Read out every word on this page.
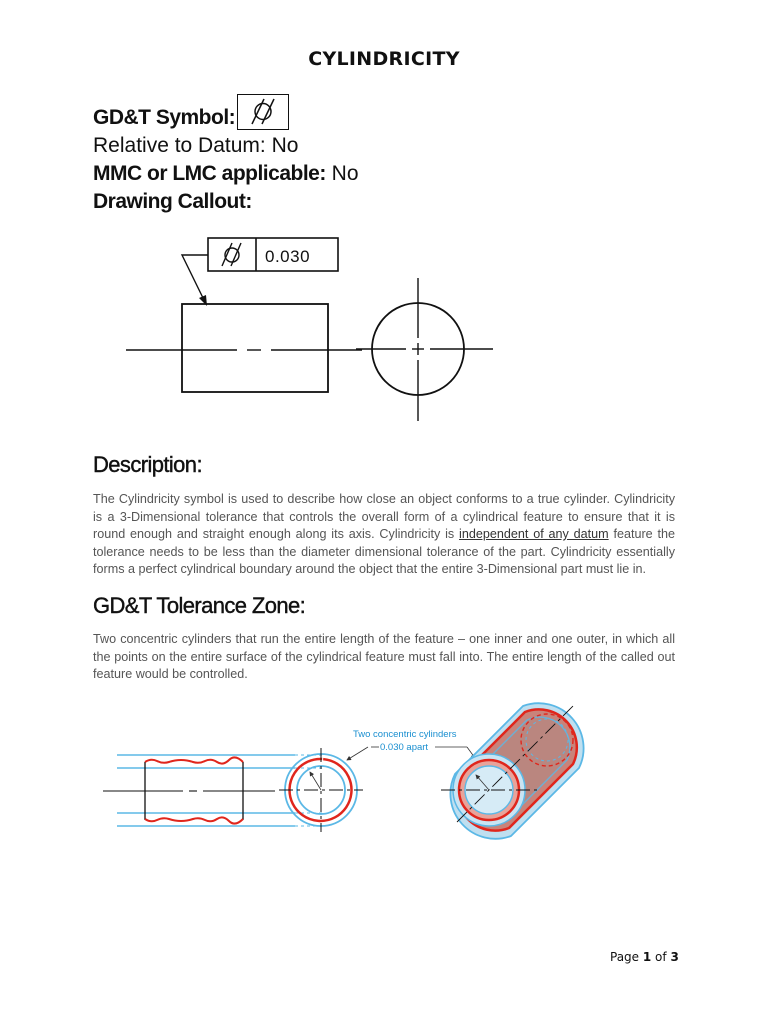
CYLINDRICITY
GD&T Symbol:
Relative to Datum: No
MMC or LMC applicable: No
Drawing Callout:
0.030
Description:
The Cylindricity symbol is used to describe how close an object conforms to a true cylinder. Cylindricity is a 3-Dimensional tolerance that controls the overall form of a cylindrical feature to ensure that it is round enough and straight enough along its axis. Cylindricity is independent of any datum feature the tolerance needs to be less than the diameter dimensional tolerance of the part. Cylindricity essentially forms a perfect cylindrical boundary around the object that the entire 3-Dimensional part must lie in.
GD&T Tolerance Zone:
Two concentric cylinders that run the entire length of the feature – one inner and one outer, in which all the points on the entire surface of the cylindrical feature must fall into. The entire length of the called out feature would be controlled.
Two concentric cylinders
0.030 apart
Page 1 of 3
